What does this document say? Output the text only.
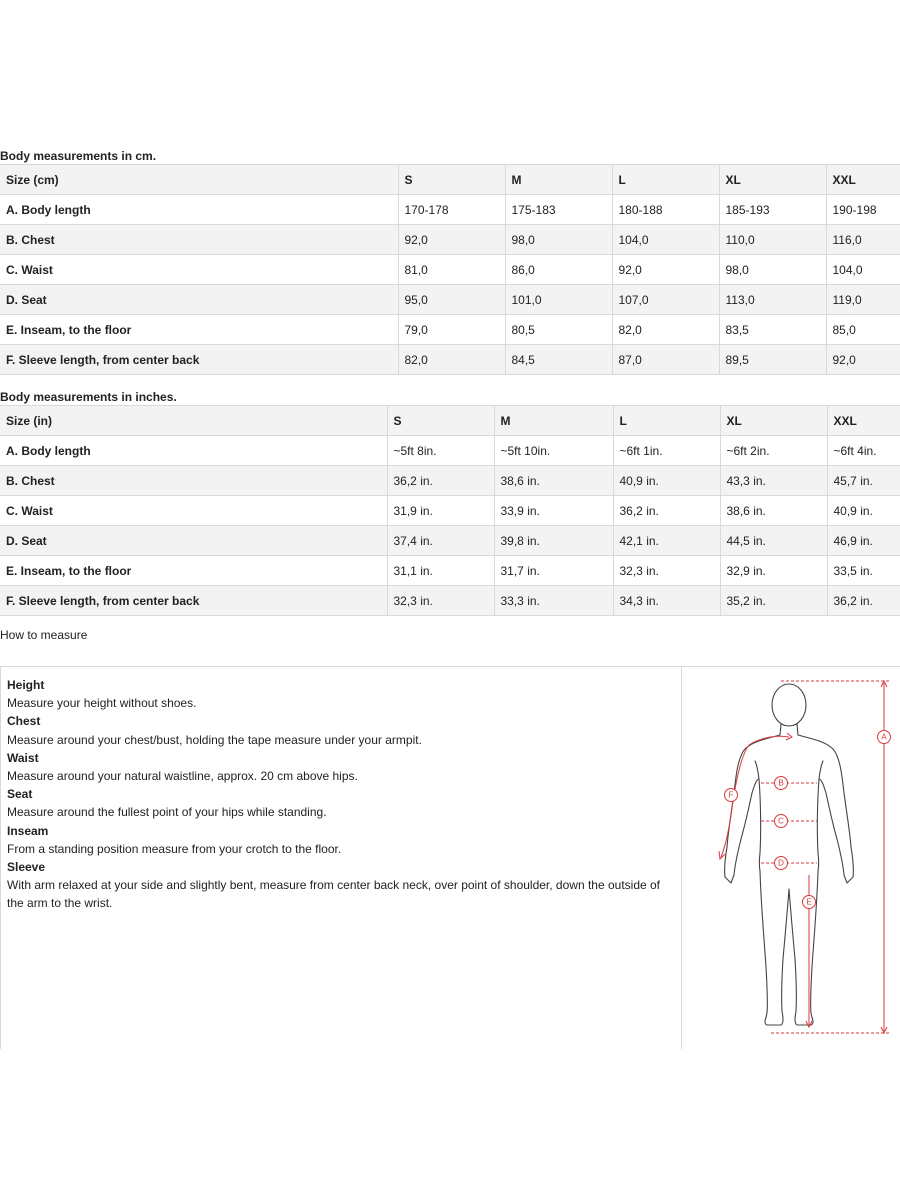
Body measurements in cm.
Size (cm)	S	M	L	XL	XXL
A. Body length	170-178	175-183	180-188	185-193	190-198
B. Chest	92,0	98,0	104,0	110,0	116,0
C. Waist	81,0	86,0	92,0	98,0	104,0
D. Seat	95,0	101,0	107,0	113,0	119,0
E. Inseam, to the floor	79,0	80,5	82,0	83,5	85,0
F. Sleeve length, from center back	82,0	84,5	87,0	89,5	92,0
Body measurements in inches.
Size (in)	S	M	L	XL	XXL
A. Body length	~5ft 8in.	~5ft 10in.	~6ft 1in.	~6ft 2in.	~6ft 4in.
B. Chest	36,2 in.	38,6 in.	40,9 in.	43,3 in.	45,7 in.
C. Waist	31,9 in.	33,9 in.	36,2 in.	38,6 in.	40,9 in.
D. Seat	37,4 in.	39,8 in.	42,1 in.	44,5 in.	46,9 in.
E. Inseam, to the floor	31,1 in.	31,7 in.	32,3 in.	32,9 in.	33,5 in.
F. Sleeve length, from center back	32,3 in.	33,3 in.	34,3 in.	35,2 in.	36,2 in.
How to measure
Height
Measure your height without shoes.
Chest
Measure around your chest/bust, holding the tape measure under your armpit.
Waist
Measure around your natural waistline, approx. 20 cm above hips.
Seat
Measure around the fullest point of your hips while standing.
Inseam
From a standing position measure from your crotch to the floor.
Sleeve
With arm relaxed at your side and slightly bent, measure from center back neck, over point of shoulder, down the outside of the arm to the wrist.
A
B
C
D
E
F
